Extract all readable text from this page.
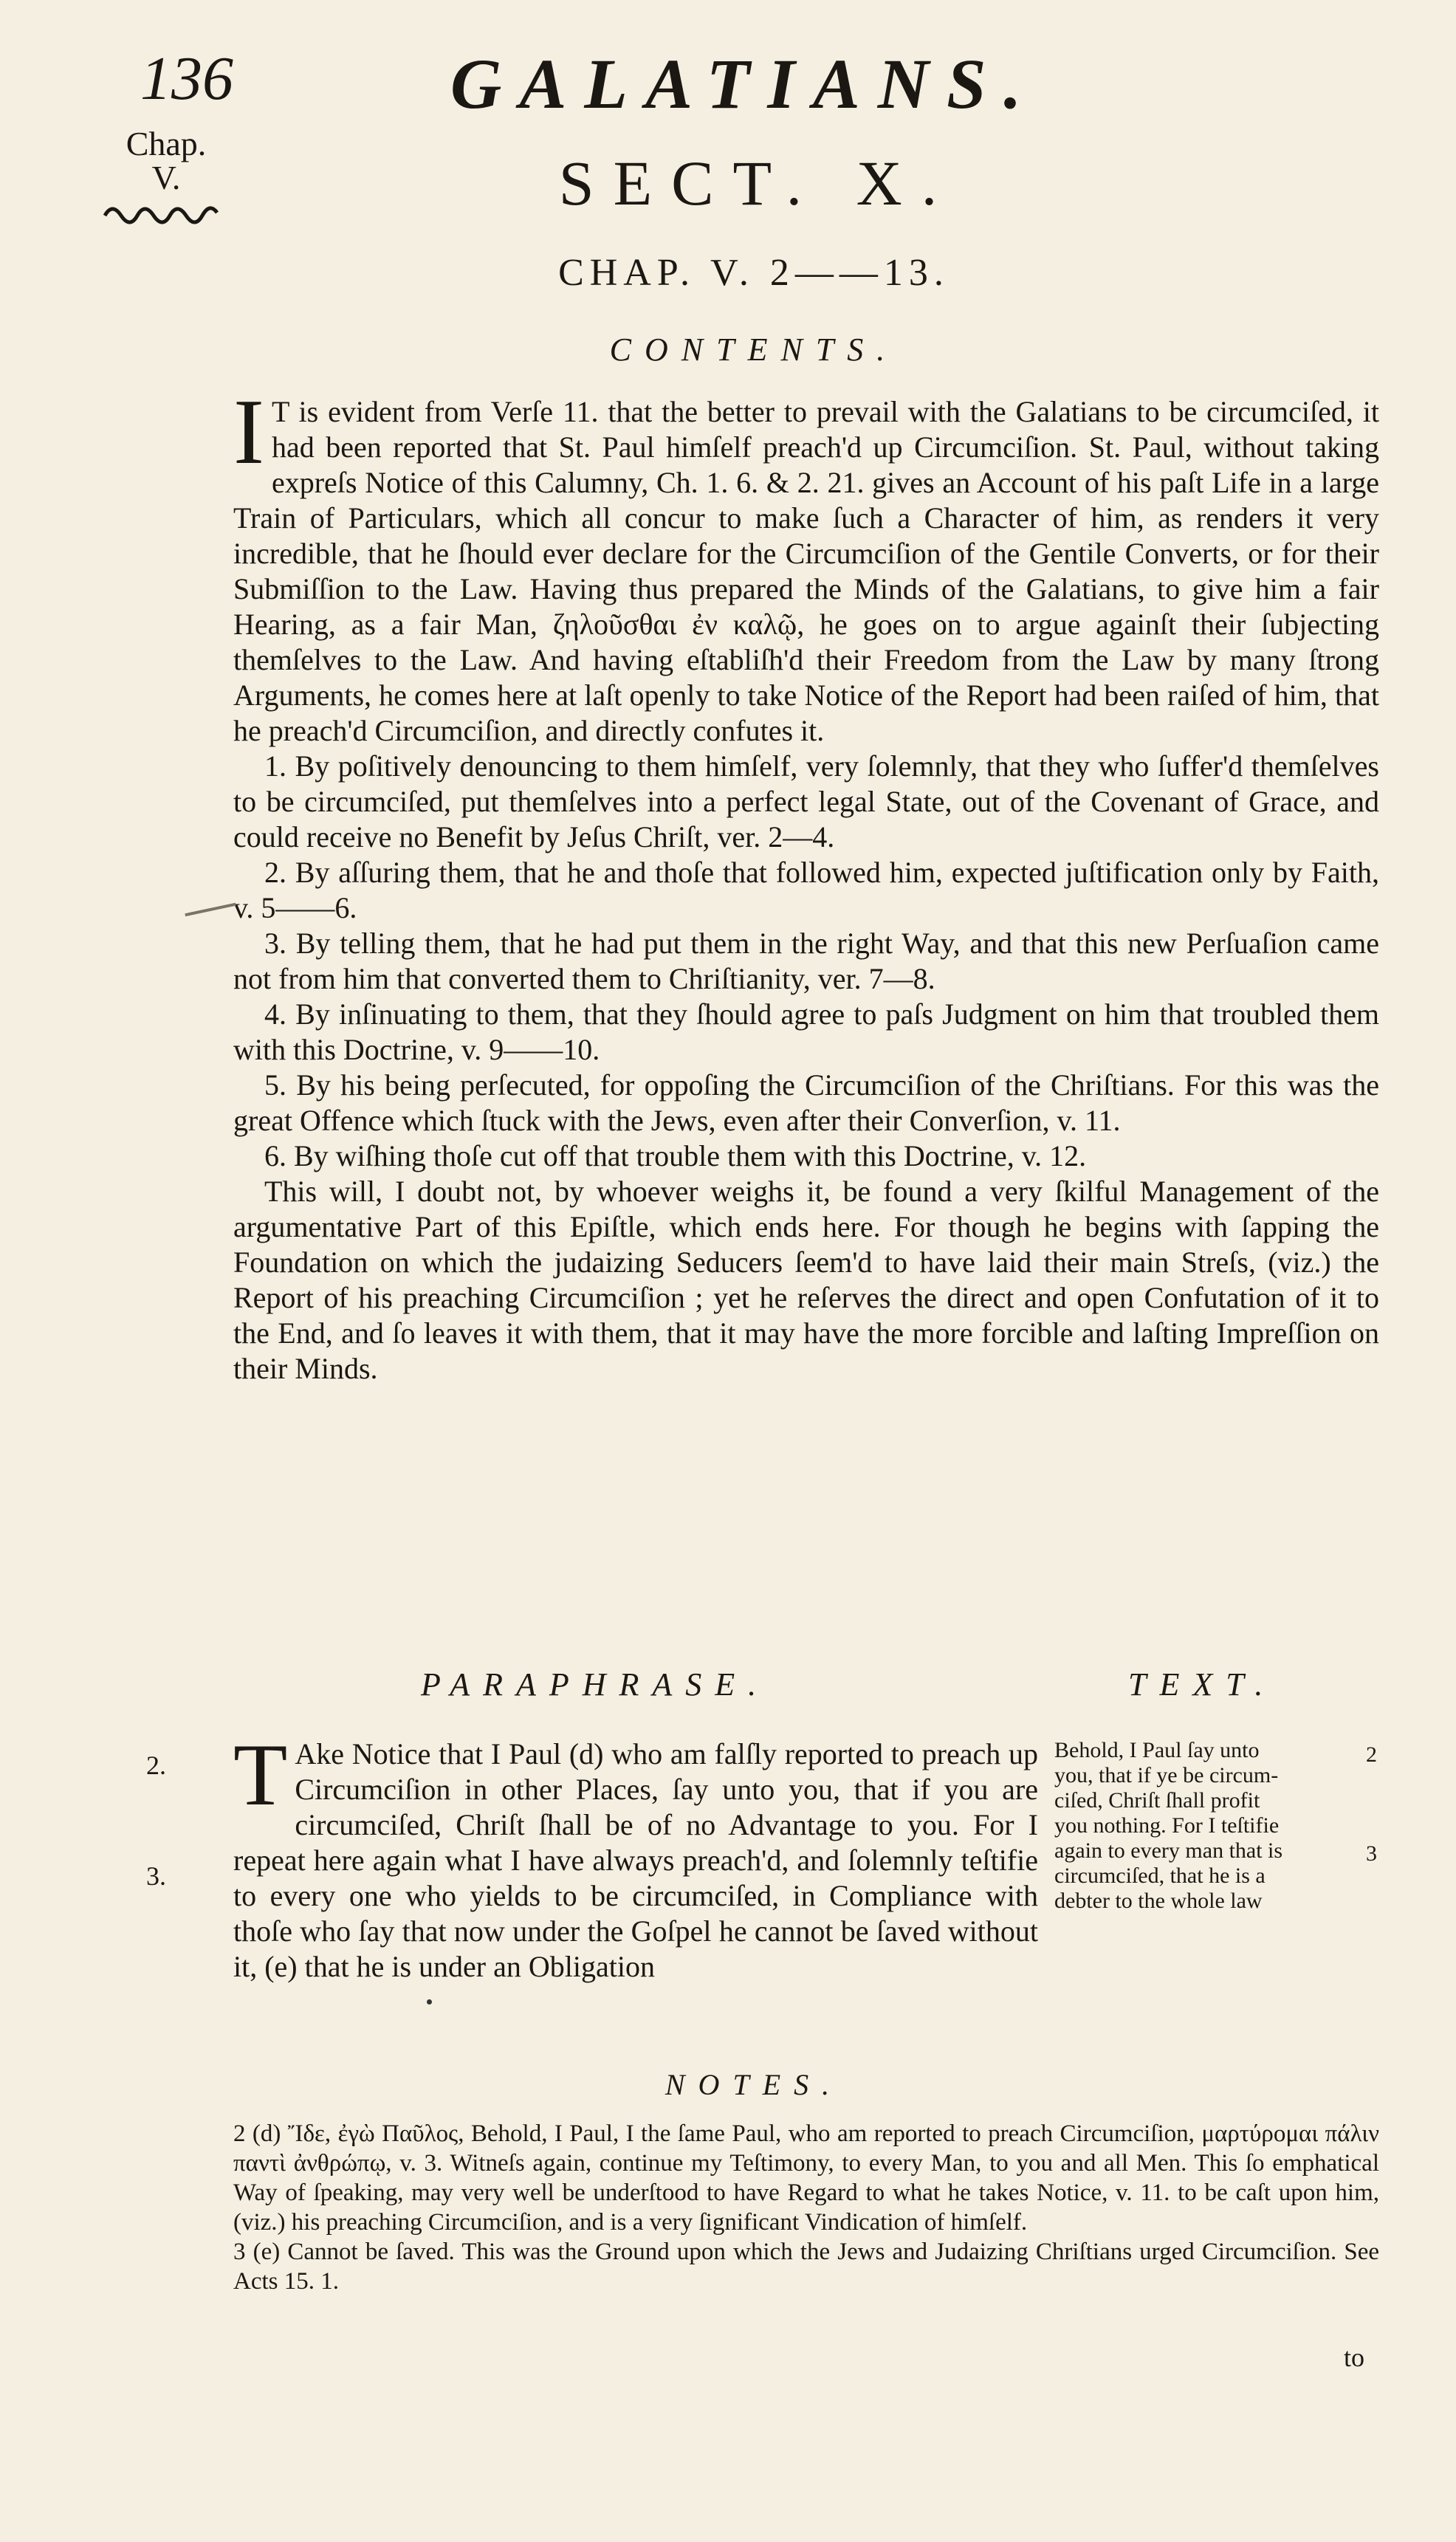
136	GALATIANS.
Chap.
V.	SECT. X.
CHAP. V. 2——13.
CONTENTS.

I T is evident from Verſe 11. that the better to prevail with the Galatians to be circumciſed, it had been reported that St. Paul himſelf preach'd up Circumciſion. St. Paul, without taking expreſs Notice of this Calumny, Ch. 1. 6. & 2. 21. gives an Account of his paſt Life in a large Train of Particulars, which all concur to make ſuch a Character of him, as renders it very incredible, that he ſhould ever declare for the Circumciſion of the Gentile Converts, or for their Submiſſion to the Law. Having thus prepared the Minds of the Galatians, to give him a fair Hearing, as a fair Man, ζηλοῦσθαι ἐν καλῷ, he goes on to argue againſt their ſubjecting themſelves to the Law. And having eſtabliſh'd their Freedom from the Law by many ſtrong Arguments, he comes here at laſt openly to take Notice of the Report had been raiſed of him, that he preach'd Circumciſion, and directly confutes it.

1. By poſitively denouncing to them himſelf, very ſolemnly, that they who ſuffer'd themſelves to be circumciſed, put themſelves into a perfect legal State, out of the Covenant of Grace, and could receive no Benefit by Jeſus Chriſt, ver. 2—4.

2. By aſſuring them, that he and thoſe that followed him, expected juſtification only by Faith, v. 5——6.

3. By telling them, that he had put them in the right Way, and that this new Perſuaſion came not from him that converted them to Chriſtianity, ver. 7—8.

4. By inſinuating to them, that they ſhould agree to paſs Judgment on him that troubled them with this Doctrine, v. 9——10.

5. By his being perſecuted, for oppoſing the Circumciſion of the Chriſtians. For this was the great Offence which ſtuck with the Jews, even after their Converſion, v. 11.

6. By wiſhing thoſe cut off that trouble them with this Doctrine, v. 12.

This will, I doubt not, by whoever weighs it, be found a very ſkilful Management of the argumentative Part of this Epiſtle, which ends here. For though he begins with ſapping the Foundation on which the judaizing Seducers ſeem'd to have laid their main Streſs, (viz.) the Report of his preaching Circumciſion ; yet he reſerves the direct and open Confutation of it to the End, and ſo leaves it with them, that it may have the more forcible and laſting Impreſſion on their Minds.

PARAPHRASE.	TEXT.
2.
3.

T Ake Notice that I Paul (d) who am falſly reported to preach up Circumciſion in other Places, ſay unto you, that if you are circumciſed, Chriſt ſhall be of no Advantage to you. For I repeat here again what I have always preach'd, and ſolemnly teſtifie to every one who yields to be circumciſed, in Compliance with thoſe who ſay that now under the Goſpel he cannot be ſaved without it, (e) that he is under an Obligation

Behold, I Paul ſay unto
you, that if ye be circum-
ciſed, Chriſt ſhall profit
you nothing. For I teſtifie
again to every man that is
circumciſed, that he is a
debter to the whole law
2
3
NOTES.

2 (d) Ἴδε, ἐγὼ Παῦλος, Behold, I Paul, I the ſame Paul, who am reported to preach Circumciſion, μαρτύρομαι πάλιν παντὶ ἀνθρώπῳ, v. 3. Witneſs again, continue my Teſtimony, to every Man, to you and all Men. This ſo emphatical Way of ſpeaking, may very well be underſtood to have Regard to what he takes Notice, v. 11. to be caſt upon him, (viz.) his preaching Circumciſion, and is a very ſignificant Vindication of himſelf.

3 (e) Cannot be ſaved. This was the Ground upon which the Jews and Judaizing Chriſtians urged Circumciſion. See Acts 15. 1.

to
